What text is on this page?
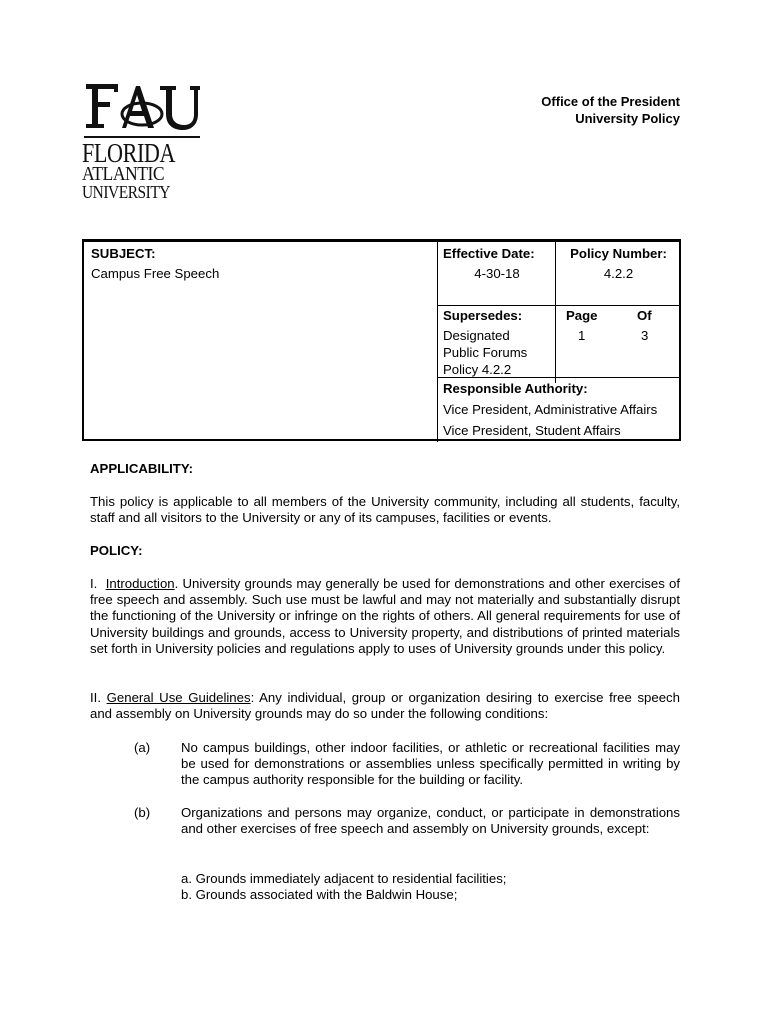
FLORIDA
ATLANTIC
UNIVERSITY
Office of the President
University Policy
SUBJECT:
Campus Free Speech
Effective Date:
4-30-18
Policy Number:
4.2.2
Supersedes:
Designated
Public Forums
Policy 4.2.2
Page
1
Of
3
Responsible Authority:
Vice President, Administrative Affairs
Vice President, Student Affairs
APPLICABILITY:

This policy is applicable to all members of the University community, including all students, faculty, staff and all visitors to the University or any of its campuses, facilities or events.

POLICY:

I. Introduction. University grounds may generally be used for demonstrations and other exercises of free speech and assembly. Such use must be lawful and may not materially and substantially disrupt the functioning of the University or infringe on the rights of others. All general requirements for use of University buildings and grounds, access to University property, and distributions of printed materials set forth in University policies and regulations apply to uses of University grounds under this policy.

II. General Use Guidelines: Any individual, group or organization desiring to exercise free speech and assembly on University grounds may do so under the following conditions:

(a) No campus buildings, other indoor facilities, or athletic or recreational facilities may be used for demonstrations or assemblies unless specifically permitted in writing by the campus authority responsible for the building or facility.
(b) Organizations and persons may organize, conduct, or participate in demonstrations and other exercises of free speech and assembly on University grounds, except:
a. Grounds immediately adjacent to residential facilities;
b. Grounds associated with the Baldwin House;
